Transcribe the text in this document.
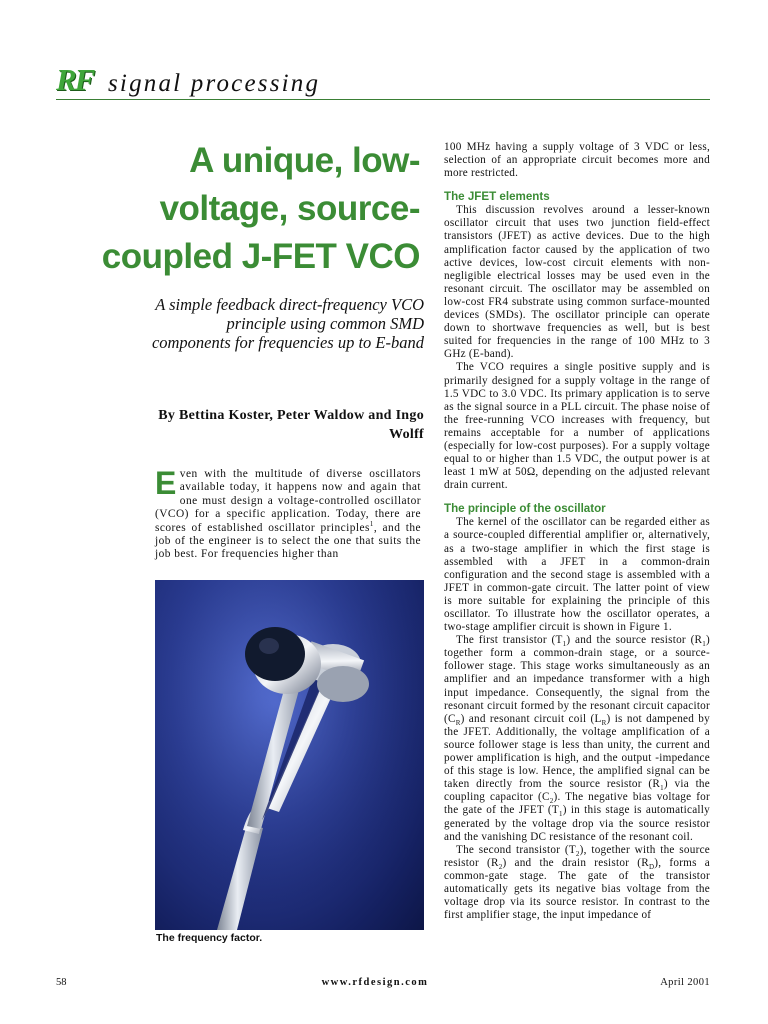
RF signal processing
A unique, low-voltage, source-coupled J-FET VCO
A simple feedback direct-frequency VCO principle using common SMD components for frequencies up to E-band
By Bettina Koster, Peter Waldow and Ingo Wolff
Even with the multitude of diverse oscillators available today, it happens now and again that one must design a voltage-controlled oscillator (VCO) for a specific application. Today, there are scores of established oscillator principles$^1$, and the job of the engineer is to select the one that suits the job best. For frequencies higher than
The frequency factor.

100 MHz having a supply voltage of 3 VDC or less, selection of an appropriate circuit becomes more and more restricted.

The JFET elements

This discussion revolves around a lesser-known oscillator circuit that uses two junction field-effect transistors (JFET) as active devices. Due to the high amplification factor caused by the application of two active devices, low-cost circuit elements with non-negligible electrical losses may be used even in the resonant circuit. The oscillator may be assembled on low-cost FR4 substrate using common surface-mounted devices (SMDs). The oscillator principle can operate down to shortwave frequencies as well, but is best suited for frequencies in the range of 100 MHz to 3 GHz (E-band).

The VCO requires a single positive supply and is primarily designed for a supply voltage in the range of 1.5 VDC to 3.0 VDC. Its primary application is to serve as the signal source in a PLL circuit. The phase noise of the free-running VCO increases with frequency, but remains acceptable for a number of applications (especially for low-cost purposes). For a supply voltage equal to or higher than 1.5 VDC, the output power is at least 1 mW at 50Ω, depending on the adjusted relevant drain current.

The principle of the oscillator

The kernel of the oscillator can be regarded either as a source-coupled differential amplifier or, alternatively, as a two-stage amplifier in which the first stage is assembled with a JFET in a common-drain configuration and the second stage is assembled with a JFET in common-gate circuit. The latter point of view is more suitable for explaining the principle of this oscillator. To illustrate how the oscillator operates, a two-stage amplifier circuit is shown in Figure 1.

The first transistor $(T_1)$ and the source resistor $(R_1)$ together form a common-drain stage, or a source-follower stage. This stage works simultaneously as an amplifier and an impedance transformer with a high input impedance. Consequently, the signal from the resonant circuit formed by the resonant circuit capacitor $(C_R)$ and resonant circuit coil $(L_R)$ is not dampened by the JFET. Additionally, the voltage amplification of a source follower stage is less than unity, the current and power amplification is high, and the output -impedance of this stage is low. Hence, the amplified signal can be taken directly from the source resistor $(R_1)$ via the coupling capacitor $(C_2)$. The negative bias voltage for the gate of the JFET $(T_1)$ in this stage is automatically generated by the voltage drop via the source resistor and the vanishing DC resistance of the resonant coil.

The second transistor $(T_2)$, together with the source resistor $(R_2)$ and the drain resistor $(R_D)$, forms a common-gate stage. The gate of the transistor automatically gets its negative bias voltage from the voltage drop via its source resistor. In contrast to the first amplifier stage, the input impedance of

58	www.rfdesign.com	April 2001
